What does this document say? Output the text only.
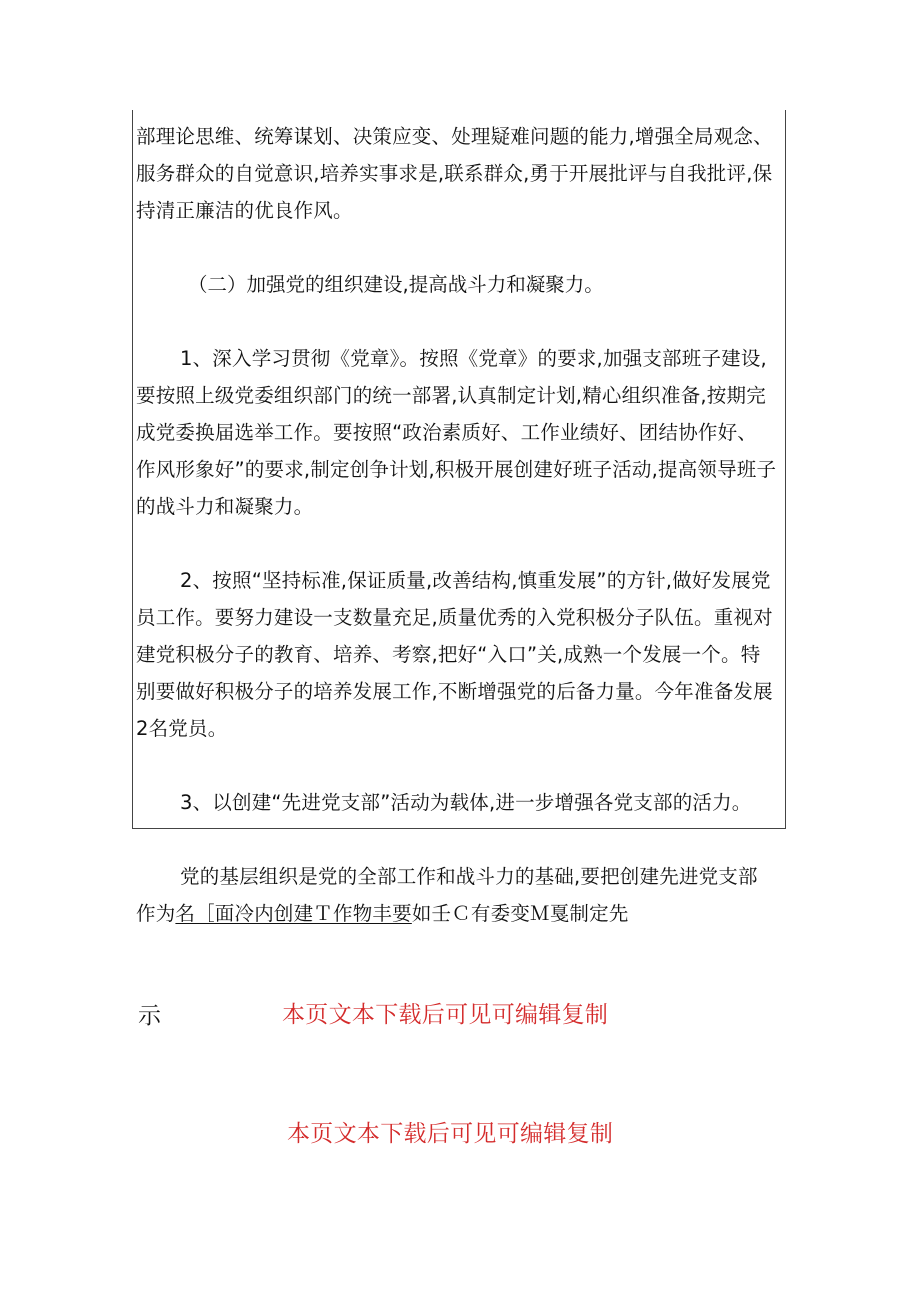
部理论思维、统筹谋划、决策应变、处理疑难问题的能力,增强全局观念、
服务群众的自觉意识,培养实事求是,联系群众,勇于开展批评与自我批评,保
持清正廉洁的优良作风。
（二）加强党的组织建设,提高战斗力和凝聚力。
1、深入学习贯彻《党章》。按照《党章》的要求,加强支部班子建设,
要按照上级党委组织部门的统一部署,认真制定计划,精心组织准备,按期完
成党委换届选举工作。要按照“政治素质好、工作业绩好、团结协作好、
作风形象好”的要求,制定创争计划,积极开展创建好班子活动,提高领导班子
的战斗力和凝聚力。
2、按照“坚持标准,保证质量,改善结构,慎重发展”的方针,做好发展党
员工作。要努力建设一支数量充足,质量优秀的入党积极分子队伍。重视对
建党积极分子的教育、培养、考察,把好“入口”关,成熟一个发展一个。特
别要做好积极分子的培养发展工作,不断增强党的后备力量。今年准备发展
2名党员。
3、以创建“先进党支部”活动为载体,进一步增强各党支部的活力。
党的基层组织是党的全部工作和战斗力的基础,要把创建先进党支部
作为名［面冷内创建Ｔ作物丰要如壬Ｃ有委变Ｍ戛制定先
示	本页文本下载后可见可编辑复制
本页文本下载后可见可编辑复制
